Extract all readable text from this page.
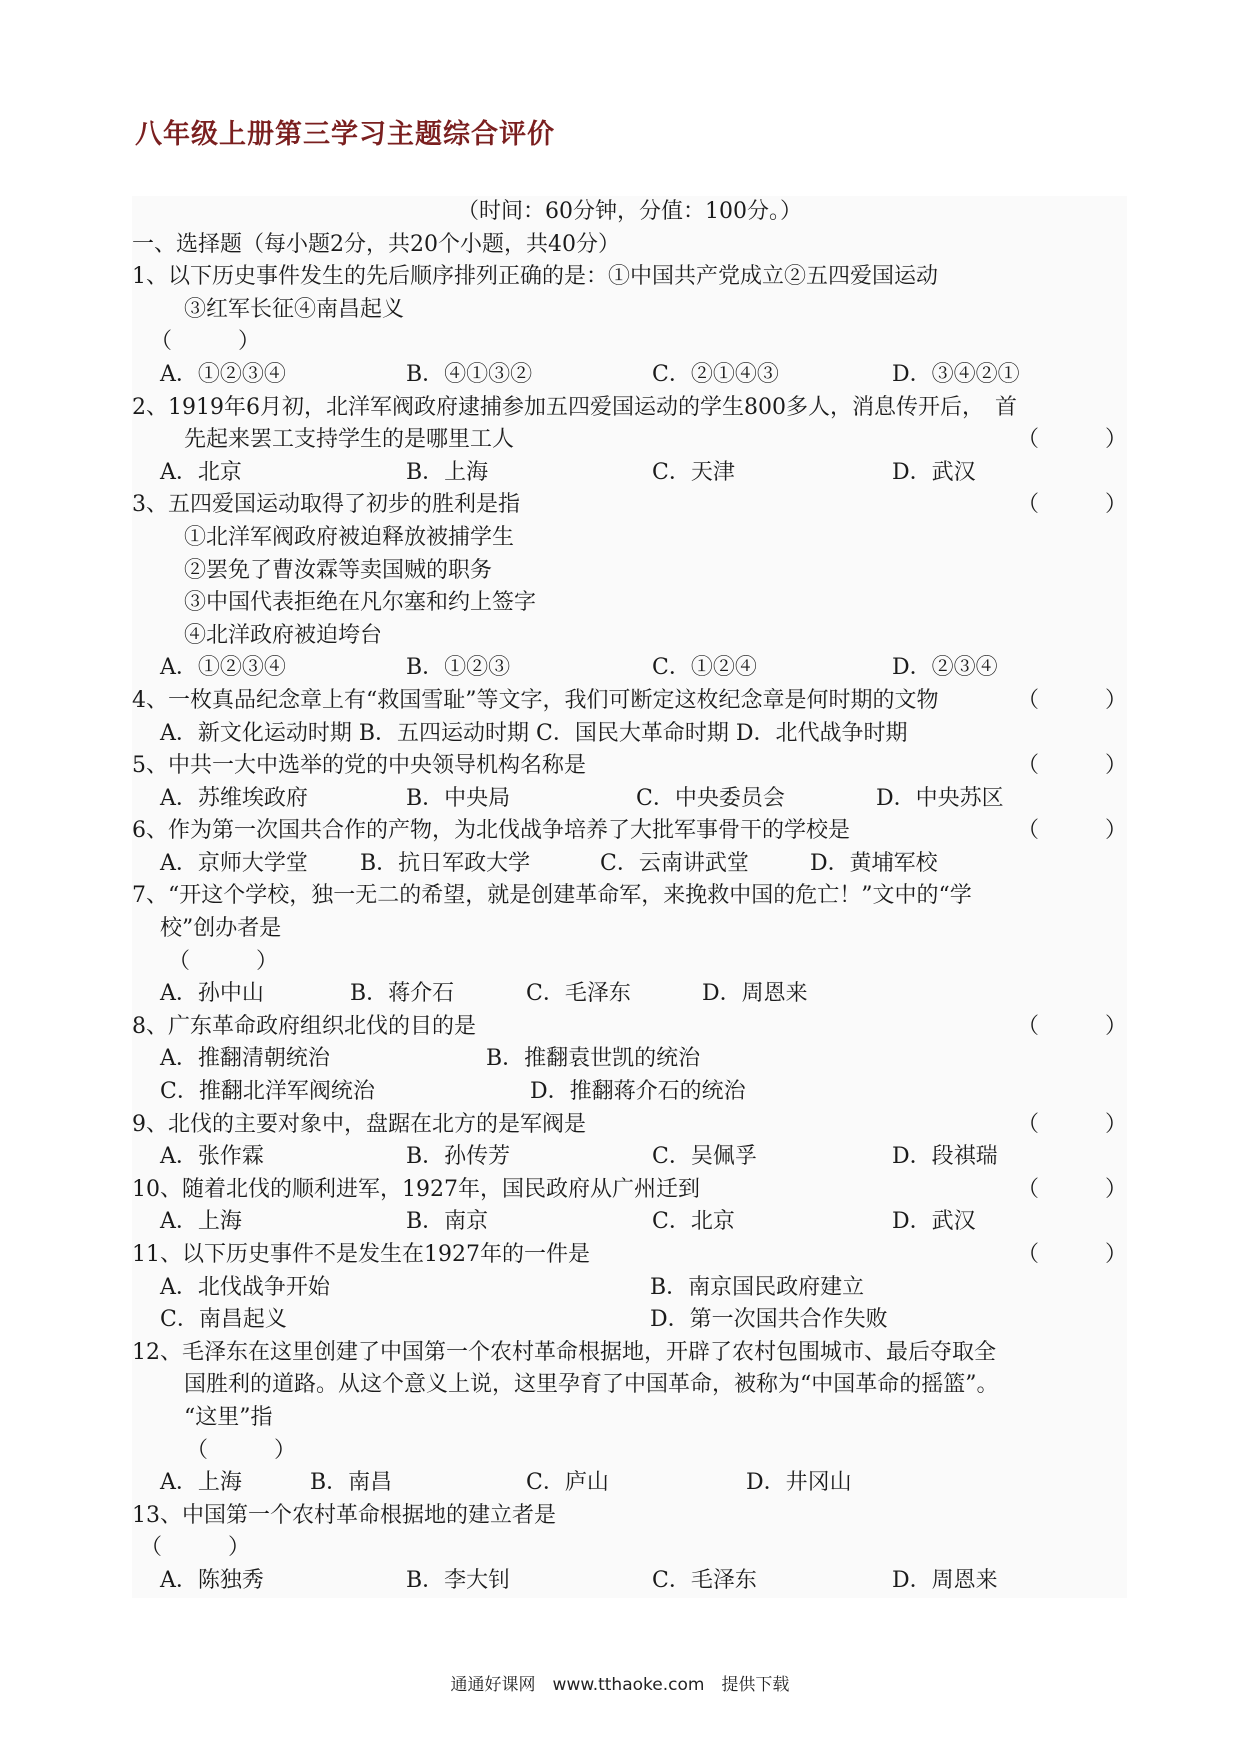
八年级上册第三学习主题综合评价
（时间：60分钟，分值：100分。）
一、选择题（每小题2分，共20个小题，共40分）
1、以下历史事件发生的先后顺序排列正确的是：①中国共产党成立②五四爱国运动
③红军长征④南昌起义
（　　　）
A．①②③④	B．④①③②	C．②①④③	D．③④②①
2、1919年6月初，北洋军阀政府逮捕参加五四爱国运动的学生800多人，消息传开后，　首
先起来罢工支持学生的是哪里工人	（　　　）
A．北京	B．上海	C．天津	D．武汉
3、五四爱国运动取得了初步的胜利是指	（　　　）
①北洋军阀政府被迫释放被捕学生
②罢免了曹汝霖等卖国贼的职务
③中国代表拒绝在凡尔塞和约上签字
④北洋政府被迫垮台
A．①②③④	B．①②③	C．①②④	D．②③④
4、一枚真品纪念章上有“救国雪耻”等文字，我们可断定这枚纪念章是何时期的文物	（　　　）
A．新文化运动时期 B．五四运动时期 C．国民大革命时期 D．北代战争时期
5、中共一大中选举的党的中央领导机构名称是	（　　　）
A．苏维埃政府	B．中央局	C．中央委员会	D．中央苏区
6、作为第一次国共合作的产物，为北伐战争培养了大批军事骨干的学校是	（　　　）
A．京师大学堂	B．抗日军政大学	C．云南讲武堂	D．黄埔军校
7、“开这个学校，独一无二的希望，就是创建革命军，来挽救中国的危亡！”文中的“学
校”创办者是
（　　　）
A．孙中山	B．蒋介石	C．毛泽东	D．周恩来
8、广东革命政府组织北伐的目的是	（　　　）
A．推翻清朝统治	B．推翻袁世凯的统治
C．推翻北洋军阀统治	D．推翻蒋介石的统治
9、北伐的主要对象中，盘踞在北方的是军阀是	（　　　）
A．张作霖	B．孙传芳	C．吴佩孚	D．段祺瑞
10、随着北伐的顺利进军，1927年，国民政府从广州迁到	（　　　）
A．上海	B．南京	C．北京	D．武汉
11、以下历史事件不是发生在1927年的一件是	（　　　）
A．北伐战争开始	B．南京国民政府建立
C．南昌起义	D．第一次国共合作失败
12、毛泽东在这里创建了中国第一个农村革命根据地，开辟了农村包围城市、最后夺取全
国胜利的道路。从这个意义上说，这里孕育了中国革命，被称为“中国革命的摇篮”。
“这里”指
（　　　）
A．上海	B．南昌	C．庐山	D．井冈山
13、中国第一个农村革命根据地的建立者是
（　　　）
A．陈独秀	B．李大钊	C．毛泽东	D．周恩来
通通好课网　www.tthaoke.com　提供下载
